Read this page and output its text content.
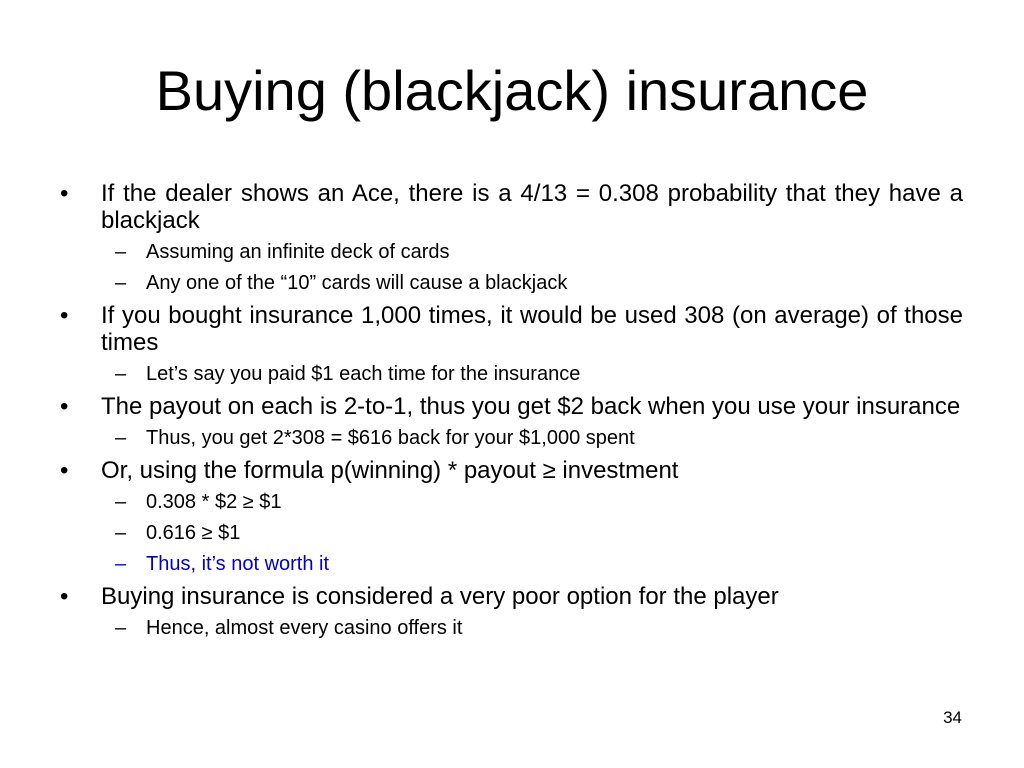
Buying (blackjack) insurance
• If the dealer shows an Ace, there is a 4/13 = 0.308 probability that they have a blackjack
– Assuming an infinite deck of cards
– Any one of the “10” cards will cause a blackjack
• If you bought insurance 1,000 times, it would be used 308 (on average) of those times
– Let’s say you paid $1 each time for the insurance
• The payout on each is 2-to-1, thus you get $2 back when you use your insurance
– Thus, you get 2*308 = $616 back for your $1,000 spent
• Or, using the formula p(winning) * payout ≥ investment
– 0.308 * $2 ≥ $1
– 0.616 ≥ $1
– Thus, it’s not worth it
• Buying insurance is considered a very poor option for the player
– Hence, almost every casino offers it
34
